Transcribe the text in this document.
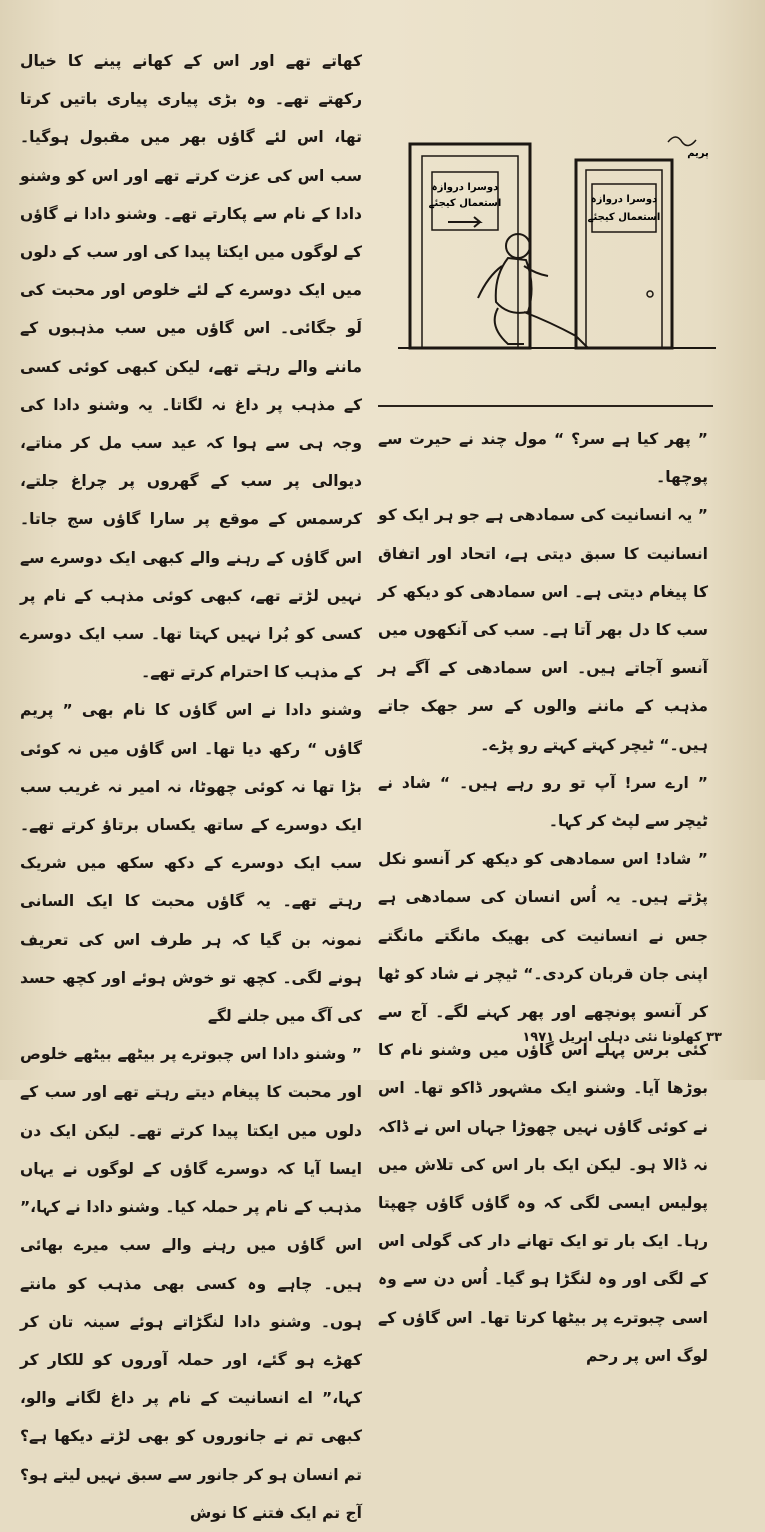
کھاتے تھے اور اس کے کھانے پینے کا خیال رکھتے تھے۔ وہ بڑی پیاری پیاری باتیں کرتا تھا، اس لئے گاؤں بھر میں مقبول ہوگیا۔ سب اس کی عزت کرتے تھے اور اس کو وشنو دادا کے نام سے پکارتے تھے۔ وشنو دادا نے گاؤں کے لوگوں میں ایکتا پیدا کی اور سب کے دلوں میں ایک دوسرے کے لئے خلوص اور محبت کی لَو جگائی۔ اس گاؤں میں سب مذہبوں کے ماننے والے رہتے تھے، لیکن کبھی کوئی کسی کے مذہب پر داغ نہ لگاتا۔ یہ وشنو دادا کی وجہ ہی سے ہوا کہ عید سب مل کر مناتے، دیوالی پر سب کے گھروں پر چراغ جلتے، کرسمس کے موقع پر سارا گاؤں سج جاتا۔ اس گاؤں کے رہنے والے کبھی ایک دوسرے سے نہیں لڑتے تھے، کبھی کوئی مذہب کے نام پر کسی کو بُرا نہیں کہتا تھا۔ سب ایک دوسرے کے مذہب کا احترام کرتے تھے۔

وشنو دادا نے اس گاؤں کا نام بھی ” پریم گاؤں “ رکھ دیا تھا۔ اس گاؤں میں نہ کوئی بڑا تھا نہ کوئی چھوٹا، نہ امیر نہ غریب سب ایک دوسرے کے ساتھ یکساں برتاؤ کرتے تھے۔ سب ایک دوسرے کے دکھ سکھ میں شریک رہتے تھے۔ یہ گاؤں محبت کا ایک السانی نمونہ بن گیا کہ ہر طرف اس کی تعریف ہونے لگی۔ کچھ تو خوش ہوئے اور کچھ حسد کی آگ میں جلنے لگے

” وشنو دادا اس چبوترے پر بیٹھے بیٹھے خلوص اور محبت کا پیغام دیتے رہتے تھے اور سب کے دلوں میں ایکتا پیدا کرتے تھے۔ لیکن ایک دن ایسا آیا کہ دوسرے گاؤں کے لوگوں نے یہاں مذہب کے نام پر حملہ کیا۔ وشنو دادا نے کہا،” اس گاؤں میں رہنے والے سب میرے بھائی ہیں۔ چاہے وہ کسی بھی مذہب کو مانتے ہوں۔ وشنو دادا لنگڑاتے ہوئے سینہ تان کر کھڑے ہو گئے، اور حملہ آوروں کو للکار کر کہا،” اے انسانیت کے نام پر داغ لگانے والو، کبھی تم نے جانوروں کو بھی لڑتے دیکھا ہے؟ تم انسان ہو کر جانور سے سبق نہیں لیتے ہو؟ آج تم ایک فتنے کا نوش

دوسرا دروازہ
استعمال کیجئے	دوسرا دروازہ
استعمال کیجئے
پریم

” پھر کیا ہے سر؟ “ مول چند نے حیرت سے پوچھا۔

” یہ انسانیت کی سمادھی ہے جو ہر ایک کو انسانیت کا سبق دیتی ہے، اتحاد اور اتفاق کا پیغام دیتی ہے۔ اس سمادھی کو دیکھ کر سب کا دل بھر آتا ہے۔ سب کی آنکھوں میں آنسو آجاتے ہیں۔ اس سمادھی کے آگے ہر مذہب کے ماننے والوں کے سر جھک جاتے ہیں۔“ ٹیچر کہتے کہتے رو پڑے۔

” ارے سر! آپ تو رو رہے ہیں۔ “ شاد نے ٹیچر سے لپٹ کر کہا۔

” شاد! اس سمادھی کو دیکھ کر آنسو نکل پڑتے ہیں۔ یہ اُس انسان کی سمادھی ہے جس نے انسانیت کی بھیک مانگتے مانگتے اپنی جان قربان کردی۔“ ٹیچر نے شاد کو ٹھا کر آنسو پونچھے اور پھر کہنے لگے۔ آج سے کئی برس پہلے اس گاؤں میں وشنو نام کا بوڑھا آیا۔ وشنو ایک مشہور ڈاکو تھا۔ اس نے کوئی گاؤں نہیں چھوڑا جہاں اس نے ڈاکہ نہ ڈالا ہو۔ لیکن ایک بار اس کی تلاش میں پولیس ایسی لگی کہ وہ گاؤں گاؤں چھپتا رہا۔ ایک بار تو ایک تھانے دار کی گولی اس کے لگی اور وہ لنگڑا ہو گیا۔ اُس دن سے وہ اسی چبوترے پر بیٹھا کرتا تھا۔ اس گاؤں کے لوگ اس پر رحم

۳۳ کھلونا نئی دہلی اپریل ۱۹۷۱
